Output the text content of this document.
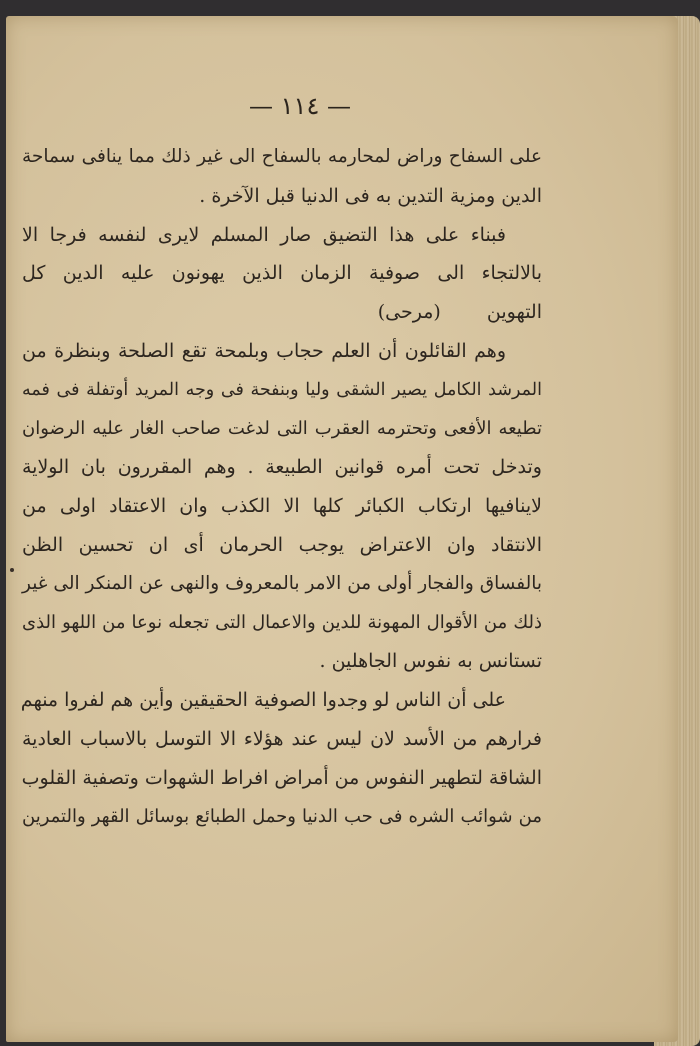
— ١١٤ —
على السفاح وراض لمحارمه بالسفاح الى غير ذلك مما ينافى سماحة
الدين ومزية التدين به فى الدنيا قبل الآخرة .
فبناء على هذا التضيق صار المسلم لايرى لنفسه فرجا الا
بالالتجاء الى صوفية الزمان الذين يهونون عليه الدين كل
التهوين (مرحى)
وهم القائلون أن العلم حجاب وبلمحة تقع الصلحة وبنظرة من
المرشد الكامل يصير الشقى وليا وبنفحة فى وجه المريد أوتفلة فى فمه
تطيعه الأفعى وتحترمه العقرب التى لدغت صاحب الغار عليه الرضوان
وتدخل تحت أمره قوانين الطبيعة . وهم المقررون بان الولاية
لاينافيها ارتكاب الكبائر كلها الا الكذب وان الاعتقاد اولى من
الانتقاد وان الاعتراض يوجب الحرمان أى ان تحسين الظن
بالفساق والفجار أولى من الامر بالمعروف والنهى عن المنكر الى غير
ذلك من الأقوال المهونة للدين والاعمال التى تجعله نوعا من اللهو الذى
تستانس به نفوس الجاهلين .
على أن الناس لو وجدوا الصوفية الحقيقين وأين هم لفروا منهم
فرارهم من الأسد لان ليس عند هؤلاء الا التوسل بالاسباب العادية
الشاقة لتطهير النفوس من أمراض افراط الشهوات وتصفية القلوب
من شوائب الشره فى حب الدنيا وحمل الطبائع بوسائل القهر والتمرين
